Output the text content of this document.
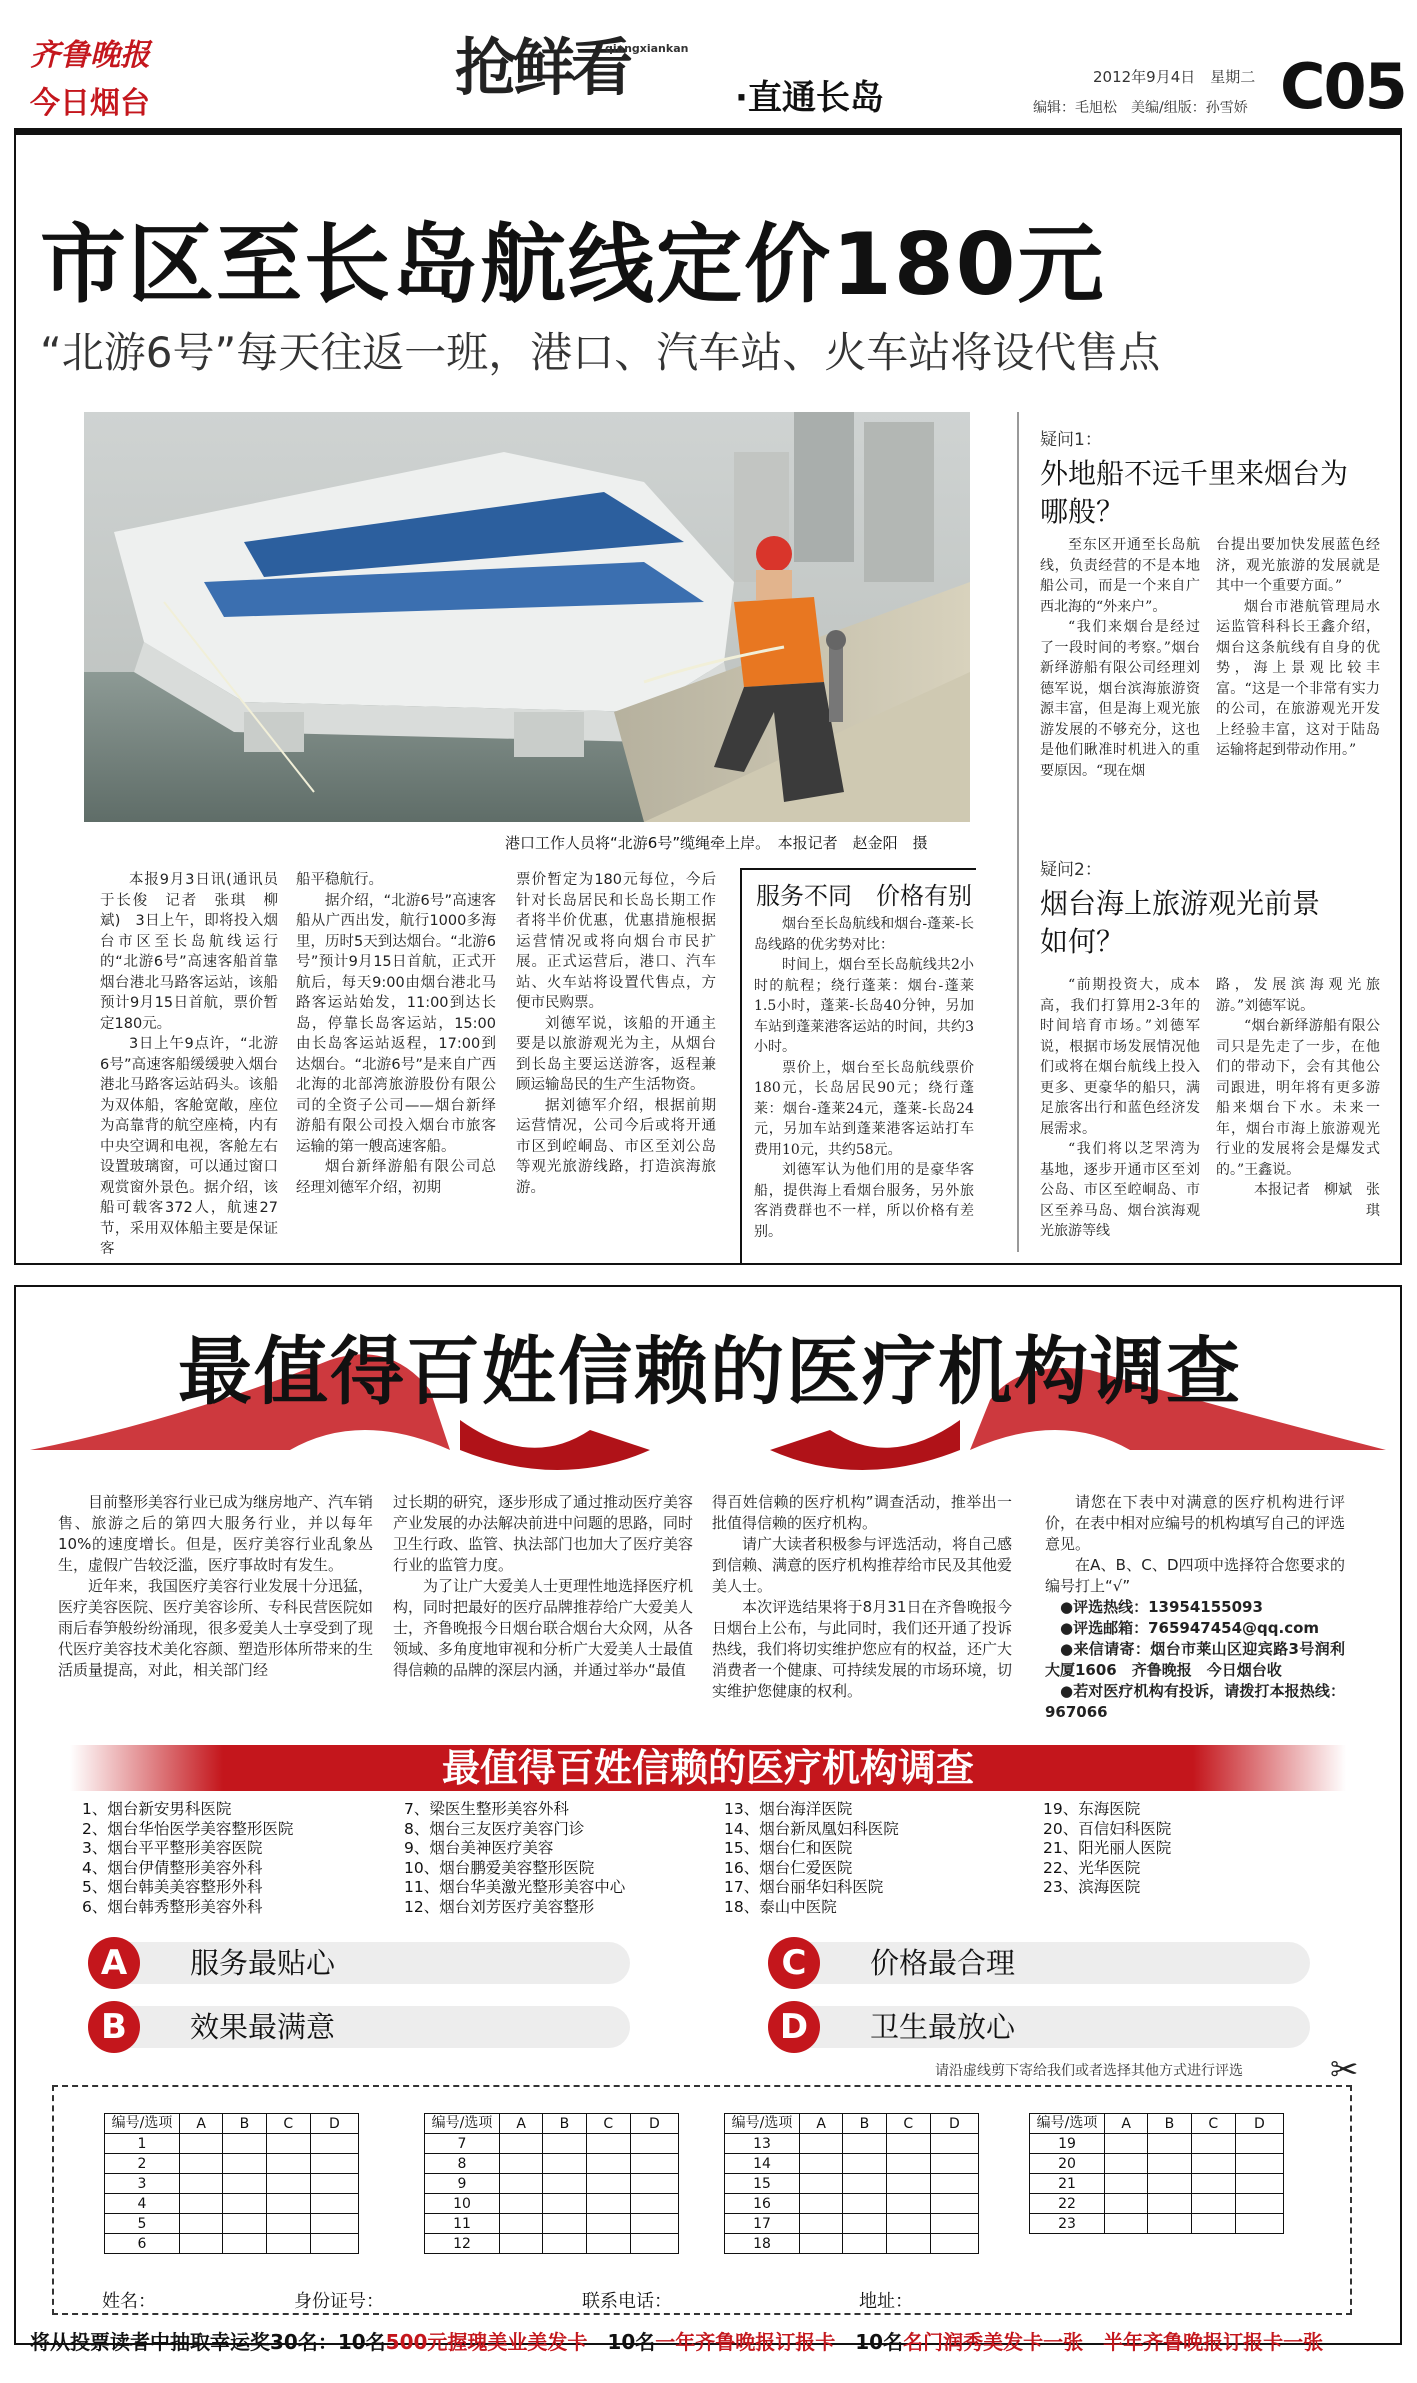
齐鲁晚报
今日烟台	抢鲜看
qiangxiankan
·直通长岛
2012年9月4日　星期二
编辑：毛旭松　美编/组版：孙雪娇 C05
市区至长岛航线定价180元
“北游6号”每天往返一班，港口、汽车站、火车站将设代售点
港口工作人员将“北游6号”缆绳牵上岸。　本报记者　赵金阳　摄

本报9月3日讯(通讯员于长俊　记者　张琪　柳斌)　3日上午，即将投入烟台市区至长岛航线运行的“北游6号”高速客船首靠烟台港北马路客运站，该船预计9月15日首航，票价暂定180元。

3日上午9点许，“北游6号”高速客船缓缓驶入烟台港北马路客运站码头。该船为双体船，客舱宽敞，座位为高靠背的航空座椅，内有中央空调和电视，客舱左右设置玻璃窗，可以通过窗口观赏窗外景色。据介绍，该船可载客372人，航速27节，采用双体船主要是保证客

船平稳航行。

据介绍，“北游6号”高速客船从广西出发，航行1000多海里，历时5天到达烟台。“北游6号”预计9月15日首航，正式开航后，每天9:00由烟台港北马路客运站始发，11:00到达长岛，停靠长岛客运站，15:00由长岛客运站返程，17:00到达烟台。“北游6号”是来自广西北海的北部湾旅游股份有限公司的全资子公司——烟台新绎游船有限公司投入烟台市旅客运输的第一艘高速客船。

烟台新绎游船有限公司总经理刘德军介绍，初期

票价暂定为180元每位，今后针对长岛居民和长岛长期工作者将半价优惠，优惠措施根据运营情况或将向烟台市民扩展。正式运营后，港口、汽车站、火车站将设置代售点，方便市民购票。

刘德军说，该船的开通主要是以旅游观光为主，从烟台到长岛主要运送游客，返程兼顾运输岛民的生产生活物资。

据刘德军介绍，根据前期运营情况，公司今后或将开通市区到崆峒岛、市区至刘公岛等观光旅游线路，打造滨海旅游。

服务不同　价格有别

烟台至长岛航线和烟台-蓬莱-长岛线路的优劣势对比：

时间上，烟台至长岛航线共2小时的航程；绕行蓬莱：烟台-蓬莱1.5小时，蓬莱-长岛40分钟，另加车站到蓬莱港客运站的时间，共约3小时。

票价上，烟台至长岛航线票价180元，长岛居民90元；绕行蓬莱：烟台-蓬莱24元，蓬莱-长岛24元，另加车站到蓬莱港客运站打车费用10元，共约58元。

刘德军认为他们用的是豪华客船，提供海上看烟台服务，另外旅客消费群也不一样，所以价格有差别。

疑问1：
外地船不远千里来烟台为哪般？

至东区开通至长岛航线，负责经营的不是本地船公司，而是一个来自广西北海的“外来户”。

“我们来烟台是经过了一段时间的考察。”烟台新绎游船有限公司经理刘德军说，烟台滨海旅游资源丰富，但是海上观光旅游发展的不够充分，这也是他们瞅准时机进入的重要原因。“现在烟

台提出要加快发展蓝色经济，观光旅游的发展就是其中一个重要方面。”

烟台市港航管理局水运监管科科长王鑫介绍，烟台这条航线有自身的优势，海上景观比较丰富。“这是一个非常有实力的公司，在旅游观光开发上经验丰富，这对于陆岛运输将起到带动作用。”

疑问2：
烟台海上旅游观光前景如何？

“前期投资大，成本高，我们打算用2-3年的时间培育市场。”刘德军说，根据市场发展情况他们或将在烟台航线上投入更多、更豪华的船只，满足旅客出行和蓝色经济发展需求。

“我们将以芝罘湾为基地，逐步开通市区至刘公岛、市区至崆峒岛、市区至养马岛、烟台滨海观光旅游等线

路，发展滨海观光旅游。”刘德军说。

“烟台新绎游船有限公司只是先走了一步，在他们的带动下，会有其他公司跟进，明年将有更多游船来烟台下水。未来一年，烟台市海上旅游观光行业的发展将会是爆发式的。”王鑫说。

本报记者　柳斌　张琪

最值得百姓信赖的医疗机构调查

目前整形美容行业已成为继房地产、汽车销售、旅游之后的第四大服务行业，并以每年10%的速度增长。但是，医疗美容行业乱象丛生，虚假广告较泛滥，医疗事故时有发生。

近年来，我国医疗美容行业发展十分迅猛，医疗美容医院、医疗美容诊所、专科民营医院如雨后春笋般纷纷涌现，很多爱美人士享受到了现代医疗美容技术美化容颜、塑造形体所带来的生活质量提高，对此，相关部门经

过长期的研究，逐步形成了通过推动医疗美容产业发展的办法解决前进中问题的思路，同时卫生行政、监管、执法部门也加大了医疗美容行业的监管力度。

为了让广大爱美人士更理性地选择医疗机构，同时把最好的医疗品牌推荐给广大爱美人士，齐鲁晚报今日烟台联合烟台大众网，从各领域、多角度地审视和分析广大爱美人士最值得信赖的品牌的深层内涵，并通过举办“最值

得百姓信赖的医疗机构”调查活动，推举出一批值得信赖的医疗机构。

请广大读者积极参与评选活动，将自己感到信赖、满意的医疗机构推荐给市民及其他爱美人士。

本次评选结果将于8月31日在齐鲁晚报今日烟台上公布，与此同时，我们还开通了投诉热线，我们将切实维护您应有的权益，还广大消费者一个健康、可持续发展的市场环境，切实维护您健康的权利。

请您在下表中对满意的医疗机构进行评价，在表中相对应编号的机构填写自己的评选意见。

在A、B、C、D四项中选择符合您要求的编号打上“√”

●评选热线：13954155093

●评选邮箱：765947454@qq.com

●来信请寄：烟台市莱山区迎宾路3号润利大厦1606　齐鲁晚报　今日烟台收

●若对医疗机构有投诉，请拨打本报热线：967066

最值得百姓信赖的医疗机构调查
1、烟台新安男科医院
2、烟台华怡医学美容整形医院
3、烟台平平整形美容医院
4、烟台伊倩整形美容外科
5、烟台韩美美容整形外科
6、烟台韩秀整形美容外科
7、梁医生整形美容外科
8、烟台三友医疗美容门诊
9、烟台美神医疗美容
10、烟台鹏爱美容整形医院
11、烟台华美激光整形美容中心
12、烟台刘芳医疗美容整形
13、烟台海洋医院
14、烟台新凤凰妇科医院
15、烟台仁和医院
16、烟台仁爱医院
17、烟台丽华妇科医院
18、泰山中医院
19、东海医院
20、百信妇科医院
21、阳光丽人医院
22、光华医院
23、滨海医院
A	服务最贴心
B	效果最满意
C	价格最合理
D	卫生最放心
请沿虚线剪下寄给我们或者选择其他方式进行评选	✂
编号/选项	A	B	C	D
1				
2				
3				
4				
5				
6				
编号/选项	A	B	C	D
7				
8				
9				
10				
11				
12				
编号/选项	A	B	C	D
13				
14				
15				
16				
17				
18				
编号/选项	A	B	C	D
19				
20				
21				
22				
23				
姓名：	身份证号：	联系电话：	地址：
将从投票读者中抽取幸运奖30名：10名500元握瑰美业美发卡　10名一年齐鲁晚报订报卡　10名名门润秀美发卡一张　半年齐鲁晚报订报卡一张
